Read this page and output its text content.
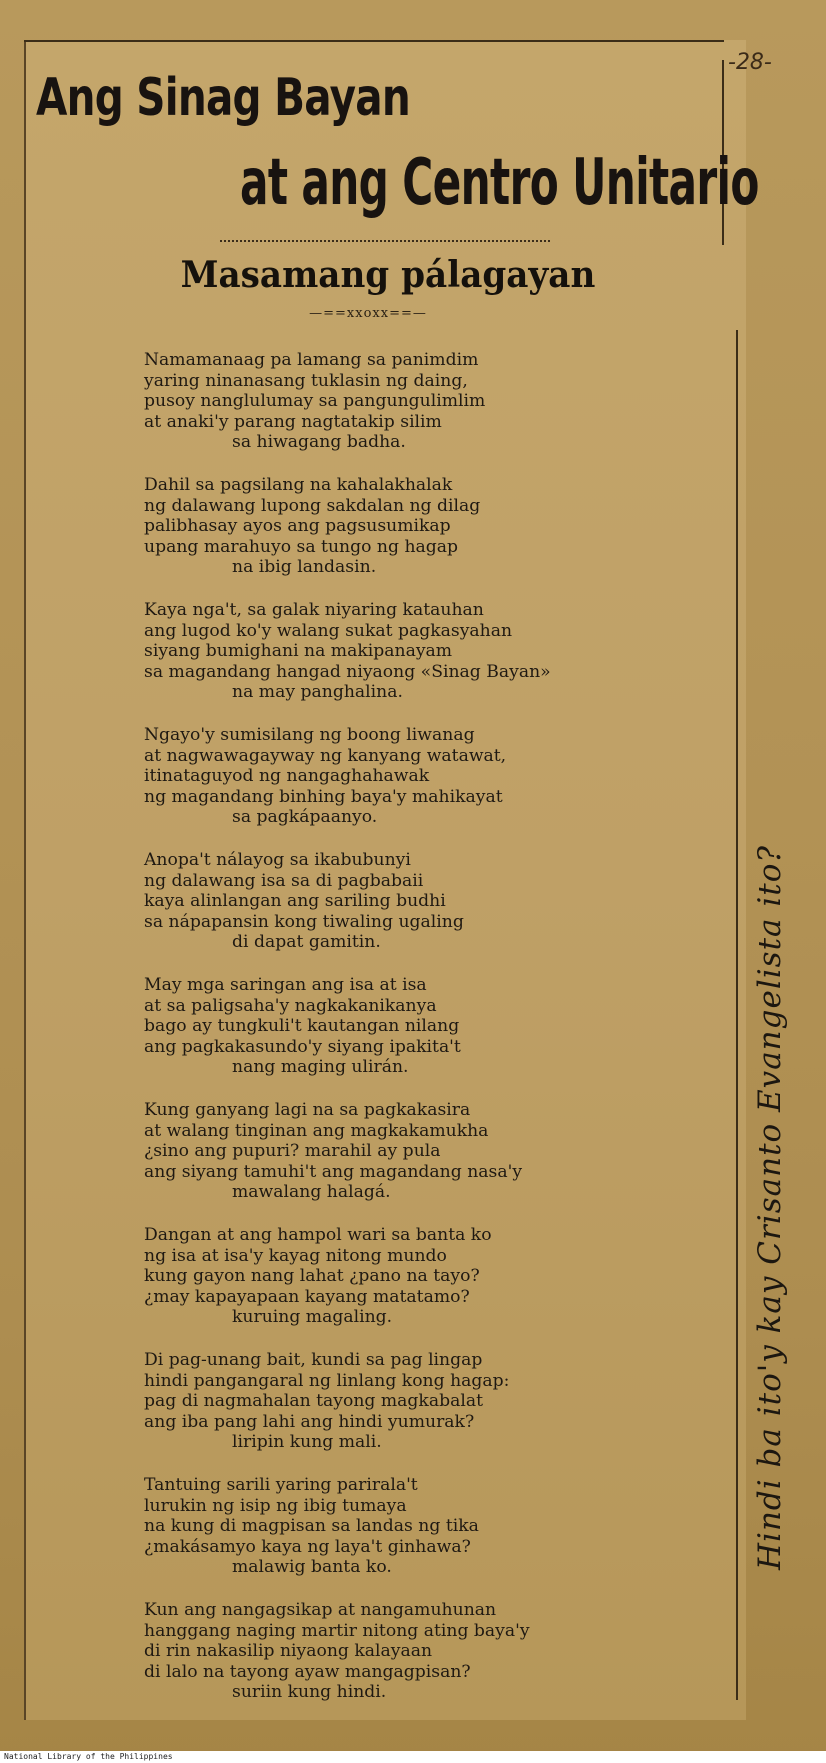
-28-
Ang Sinag Bayan
at ang Centro Unitario
Masamang pálagayan
—==xxoxx==—
Namamanaag pa lamang sa panimdim
yaring ninanasang tuklasin ng daing,
pusoy nanglulumay sa pangungulimlim
at anaki'y parang nagtatakip silim
sa hiwagang badha.
Dahil sa pagsilang na kahalakhalak
ng dalawang lupong sakdalan ng dilag
palibhasay ayos ang pagsusumikap
upang marahuyo sa tungo ng hagap
na ibig landasin.
Kaya nga't, sa galak niyaring katauhan
ang lugod ko'y walang sukat pagkasyahan
siyang bumighani na makipanayam
sa magandang hangad niyaong «Sinag Bayan»
na may panghalina.
Ngayo'y sumisilang ng boong liwanag
at nagwawagayway ng kanyang watawat,
itinataguyod ng nangaghahawak
ng magandang binhing baya'y mahikayat
sa pagkápaanyo.
Anopa't nálayog sa ikabubunyi
ng dalawang isa sa di pagbabaii
kaya alinlangan ang sariling budhi
sa nápapansin kong tiwaling ugaling
di dapat gamitin.
May mga saringan ang isa at isa
at sa paligsaha'y nagkakanikanya
bago ay tungkuli't kautangan nilang
ang pagkakasundo'y siyang ipakita't
nang maging ulirán.
Kung ganyang lagi na sa pagkakasira
at walang tinginan ang magkakamukha
¿sino ang pupuri? marahil ay pula
ang siyang tamuhi't ang magandang nasa'y
mawalang halagá.
Dangan at ang hampol wari sa banta ko
ng isa at isa'y kayag nitong mundo
kung gayon nang lahat ¿pano na tayo?
¿may kapayapaan kayang matatamo?
kuruing magaling.
Di pag-unang bait, kundi sa pag lingap
hindi pangangaral ng linlang kong hagap:
pag di nagmahalan tayong magkabalat
ang iba pang lahi ang hindi yumurak?
liripin kung mali.
Tantuing sarili yaring parirala't
lurukin ng isip ng ibig tumaya
na kung di magpisan sa landas ng tika
¿makásamyo kaya ng laya't ginhawa?
malawig banta ko.
Kun ang nangagsikap at nangamuhunan
hanggang naging martir nitong ating baya'y
di rin nakasilip niyaong kalayaan
di lalo na tayong ayaw mangagpisan?
suriin kung hindi.
Hindi ba ito'y kay Crisanto Evangelista ito?
National Library of the Philippines
